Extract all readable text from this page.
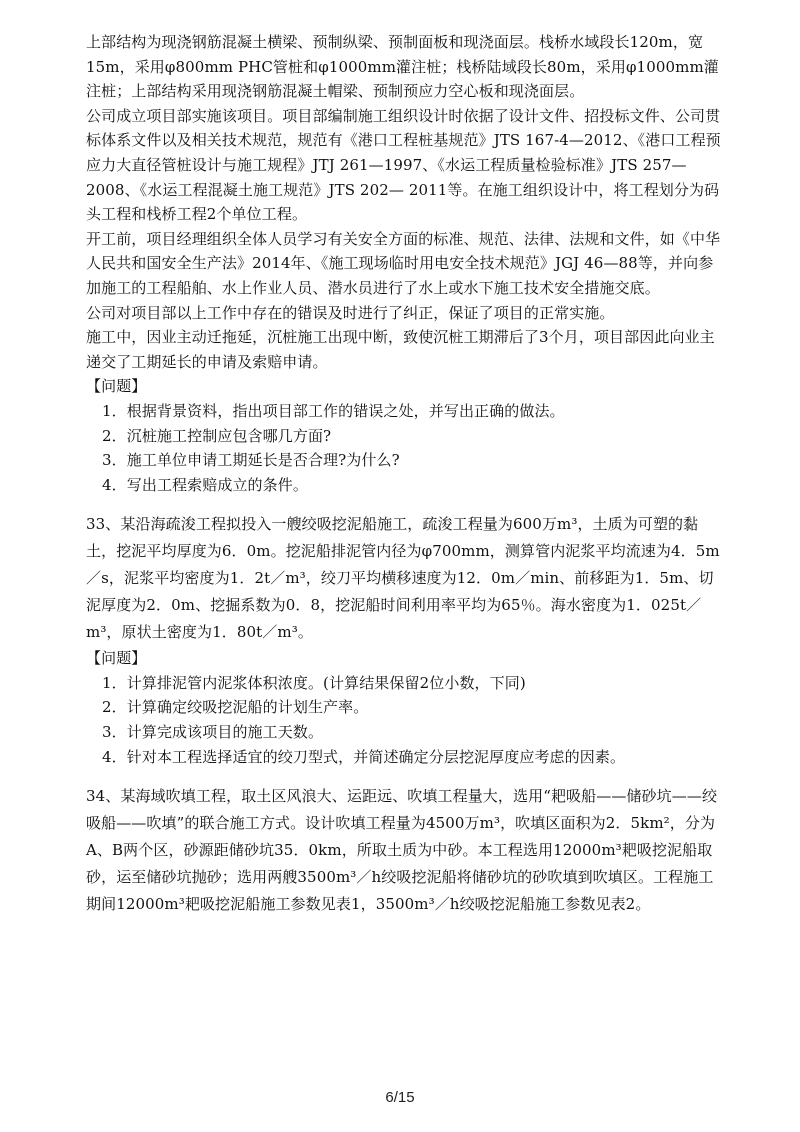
上部结构为现浇钢筋混凝土横梁、预制纵梁、预制面板和现浇面层。栈桥水域段长120m，宽15m，采用φ800mm PHC管桩和φ1000mm灌注桩；栈桥陆域段长80m，采用φ1000mm灌注桩；上部结构采用现浇钢筋混凝土帽梁、预制预应力空心板和现浇面层。

公司成立项目部实施该项目。项目部编制施工组织设计时依据了设计文件、招投标文件、公司贯标体系文件以及相关技术规范，规范有《港口工程桩基规范》JTS 167-4—2012、《港口工程预应力大直径管桩设计与施工规程》JTJ 261—1997、《水运工程质量检验标准》JTS 257—2008、《水运工程混凝土施工规范》JTS 202— 2011等。在施工组织设计中，将工程划分为码头工程和栈桥工程2个单位工程。

开工前，项目经理组织全体人员学习有关安全方面的标准、规范、法律、法规和文件，如《中华人民共和国安全生产法》2014年、《施工现场临时用电安全技术规范》JGJ 46—88等，并向参加施工的工程船舶、水上作业人员、潜水员进行了水上或水下施工技术安全措施交底。

公司对项目部以上工作中存在的错误及时进行了纠正，保证了项目的正常实施。

施工中，因业主动迁拖延，沉桩施工出现中断，致使沉桩工期滞后了3个月，项目部因此向业主递交了工期延长的申请及索赔申请。

【问题】

1．根据背景资料，指出项目部工作的错误之处，并写出正确的做法。

2．沉桩施工控制应包含哪几方面?

3．施工单位申请工期延长是否合理?为什么?

4．写出工程索赔成立的条件。

33、某沿海疏浚工程拟投入一艘绞吸挖泥船施工，疏浚工程量为600万m³，土质为可塑的黏土，挖泥平均厚度为6．0m。挖泥船排泥管内径为φ700mm，测算管内泥浆平均流速为4．5m／s，泥浆平均密度为1．2t／m³，绞刀平均横移速度为12．0m／min、前移距为1．5m、切泥厚度为2．0m、挖掘系数为0．8，挖泥船时间利用率平均为65％。海水密度为1．025t／m³，原状土密度为1．80t／m³。

【问题】

1．计算排泥管内泥浆体积浓度。(计算结果保留2位小数，下同)

2．计算确定绞吸挖泥船的计划生产率。

3．计算完成该项目的施工天数。

4．针对本工程选择适宜的绞刀型式，并简述确定分层挖泥厚度应考虑的因素。

34、某海域吹填工程，取土区风浪大、运距远、吹填工程量大，选用“耙吸船——储砂坑——绞吸船——吹填”的联合施工方式。设计吹填工程量为4500万m³，吹填区面积为2．5km²，分为A、B两个区，砂源距储砂坑35．0km，所取土质为中砂。本工程选用12000m³耙吸挖泥船取砂，运至储砂坑抛砂；选用两艘3500m³／h绞吸挖泥船将储砂坑的砂吹填到吹填区。工程施工期间12000m³耙吸挖泥船施工参数见表1，3500m³／h绞吸挖泥船施工参数见表2。

6/15
